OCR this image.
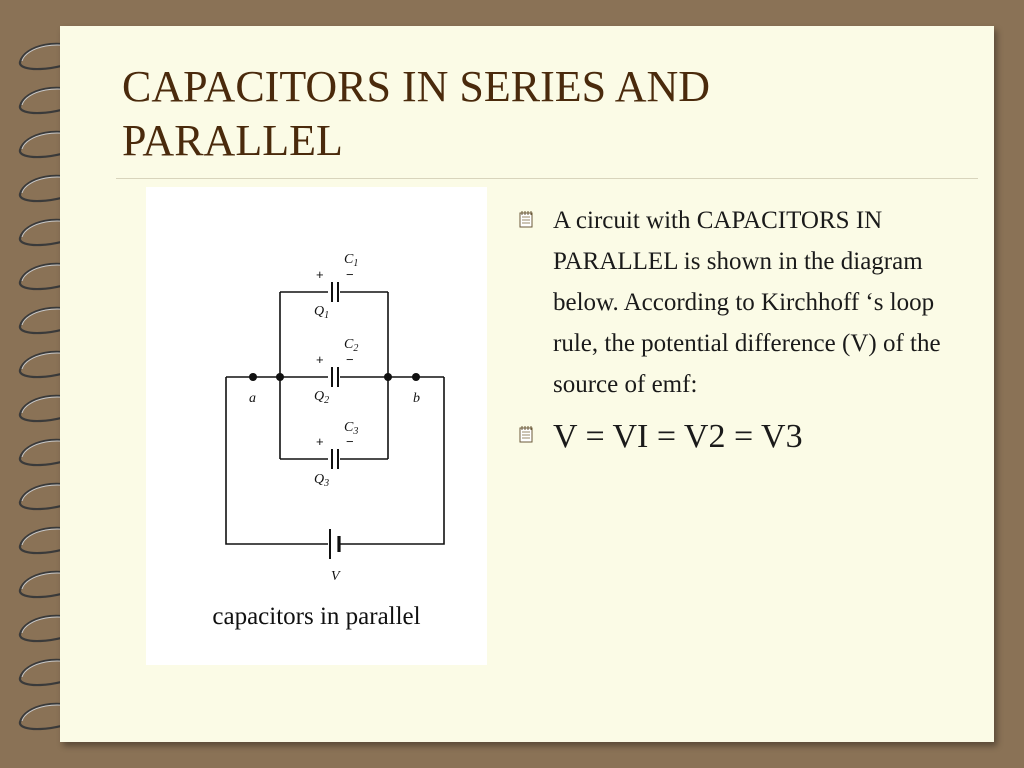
CAPACITORS IN SERIES AND PARALLEL
$C_1$
$Q_1$
$C_2$
$Q_2$
$C_3$
$Q_3$
a	b
V
+ −
+ −
+ −
capacitors in parallel
A circuit with CAPACITORS IN PARALLEL is shown in the diagram below. According to Kirchhoff ‘s loop rule, the potential difference (V) of the source of emf:
V = VI = V2 = V3
